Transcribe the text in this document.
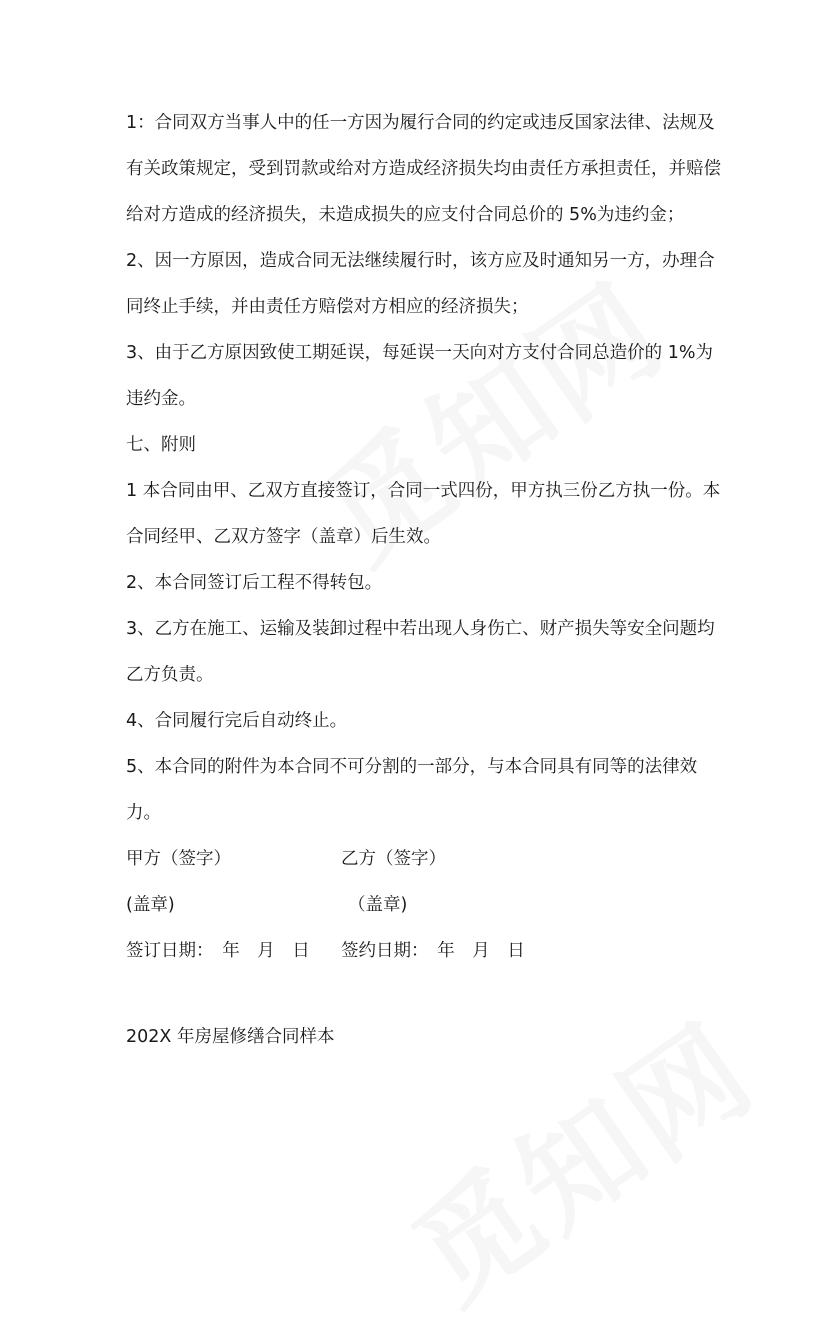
1：合同双方当事人中的任一方因为履行合同的约定或违反国家法律、法规及有关政策规定，受到罚款或给对方造成经济损失均由责任方承担责任，并赔偿给对方造成的经济损失，未造成损失的应支付合同总价的 5%为违约金；

2、因一方原因，造成合同无法继续履行时，该方应及时通知另一方，办理合同终止手续，并由责任方赔偿对方相应的经济损失；

3、由于乙方原因致使工期延误，每延误一天向对方支付合同总造价的 1%为违约金。

七、附则

1 本合同由甲、乙双方直接签订，合同一式四份，甲方执三份乙方执一份。本合同经甲、乙双方签字（盖章）后生效。

2、本合同签订后工程不得转包。

3、乙方在施工、运输及装卸过程中若出现人身伤亡、财产损失等安全问题均乙方负责。

4、合同履行完后自动终止。

5、本合同的附件为本合同不可分割的一部分，与本合同具有同等的法律效力。

甲方（签字）	乙方（签字）
(盖章)	（盖章)
签订日期：　年　月　日	签约日期：　年　月　日
202X 年房屋修缮合同样本
